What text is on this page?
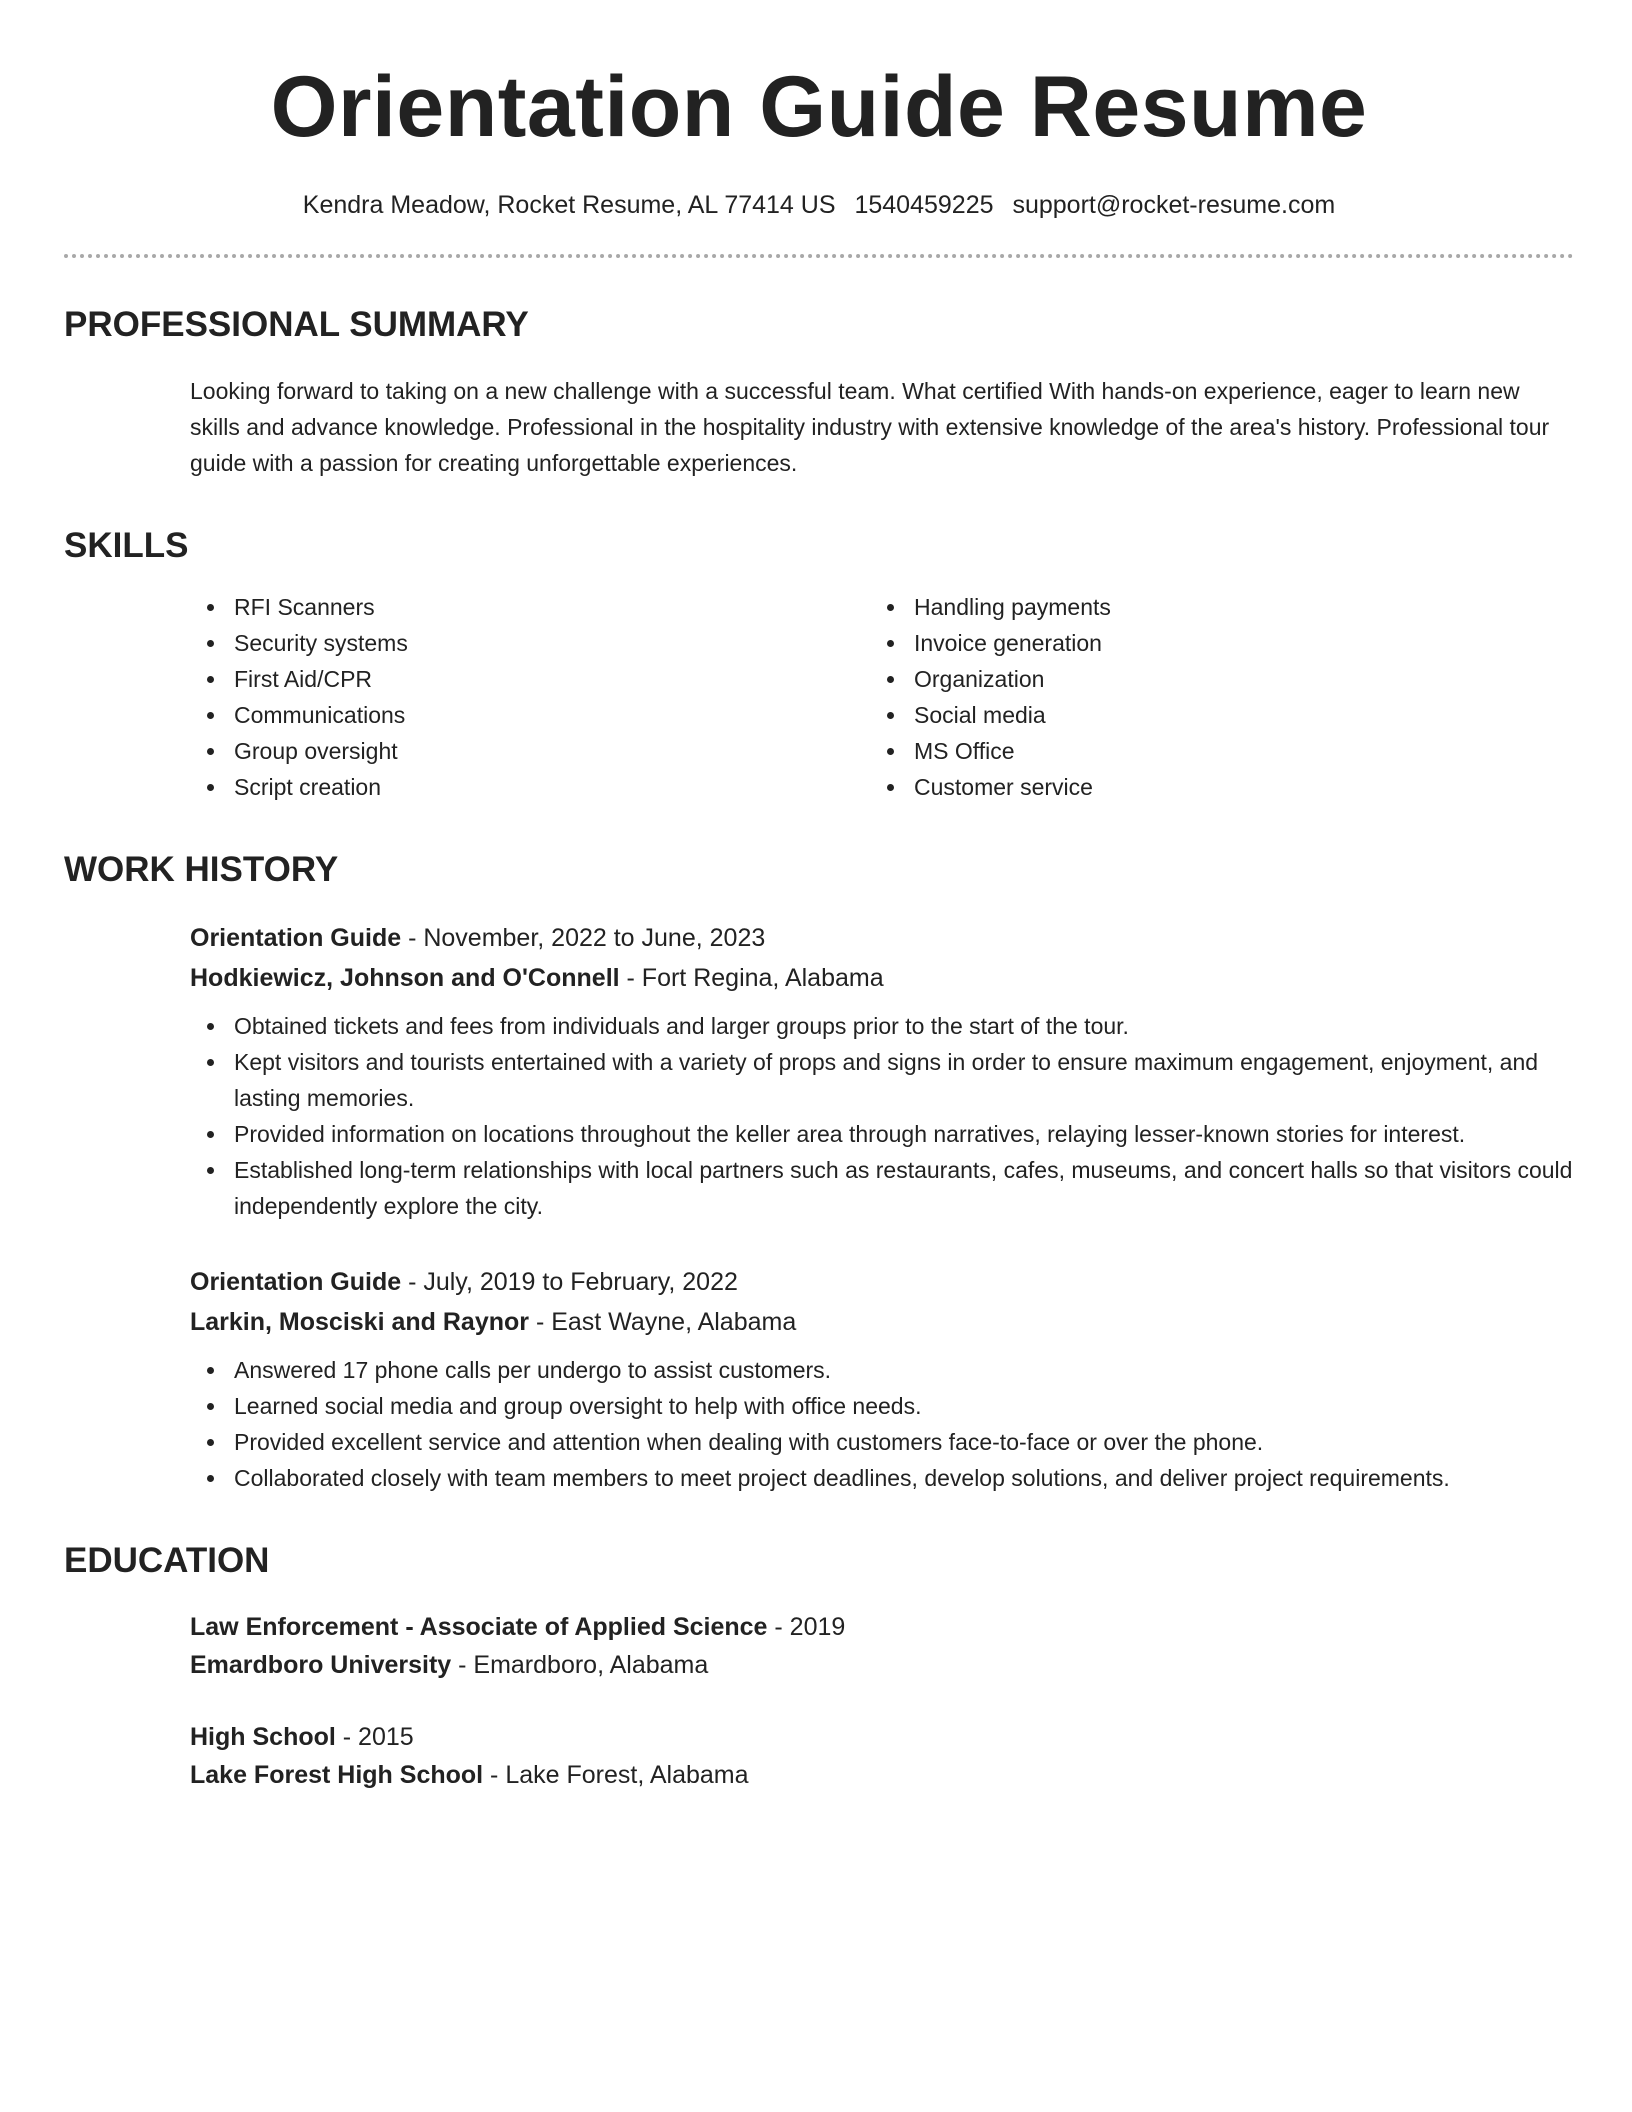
Orientation Guide Resume
Kendra Meadow, Rocket Resume, AL 77414 US 1540459225 support@rocket-resume.com
PROFESSIONAL SUMMARY

Looking forward to taking on a new challenge with a successful team. What certified With hands-on experience, eager to learn new skills and advance knowledge. Professional in the hospitality industry with extensive knowledge of the area's history. Professional tour guide with a passion for creating unforgettable experiences.

SKILLS
RFI Scanners
Security systems
First Aid/CPR
Communications
Group oversight
Script creation
Handling payments
Invoice generation
Organization
Social media
MS Office
Customer service
WORK HISTORY
Orientation Guide - November, 2022 to June, 2023
Hodkiewicz, Johnson and O'Connell - Fort Regina, Alabama
Obtained tickets and fees from individuals and larger groups prior to the start of the tour.
Kept visitors and tourists entertained with a variety of props and signs in order to ensure maximum engagement, enjoyment, and lasting memories.
Provided information on locations throughout the keller area through narratives, relaying lesser-known stories for interest.
Established long-term relationships with local partners such as restaurants, cafes, museums, and concert halls so that visitors could independently explore the city.
Orientation Guide - July, 2019 to February, 2022
Larkin, Mosciski and Raynor - East Wayne, Alabama
Answered 17 phone calls per undergo to assist customers.
Learned social media and group oversight to help with office needs.
Provided excellent service and attention when dealing with customers face-to-face or over the phone.
Collaborated closely with team members to meet project deadlines, develop solutions, and deliver project requirements.
EDUCATION
Law Enforcement - Associate of Applied Science - 2019
Emardboro University - Emardboro, Alabama
High School - 2015
Lake Forest High School - Lake Forest, Alabama
